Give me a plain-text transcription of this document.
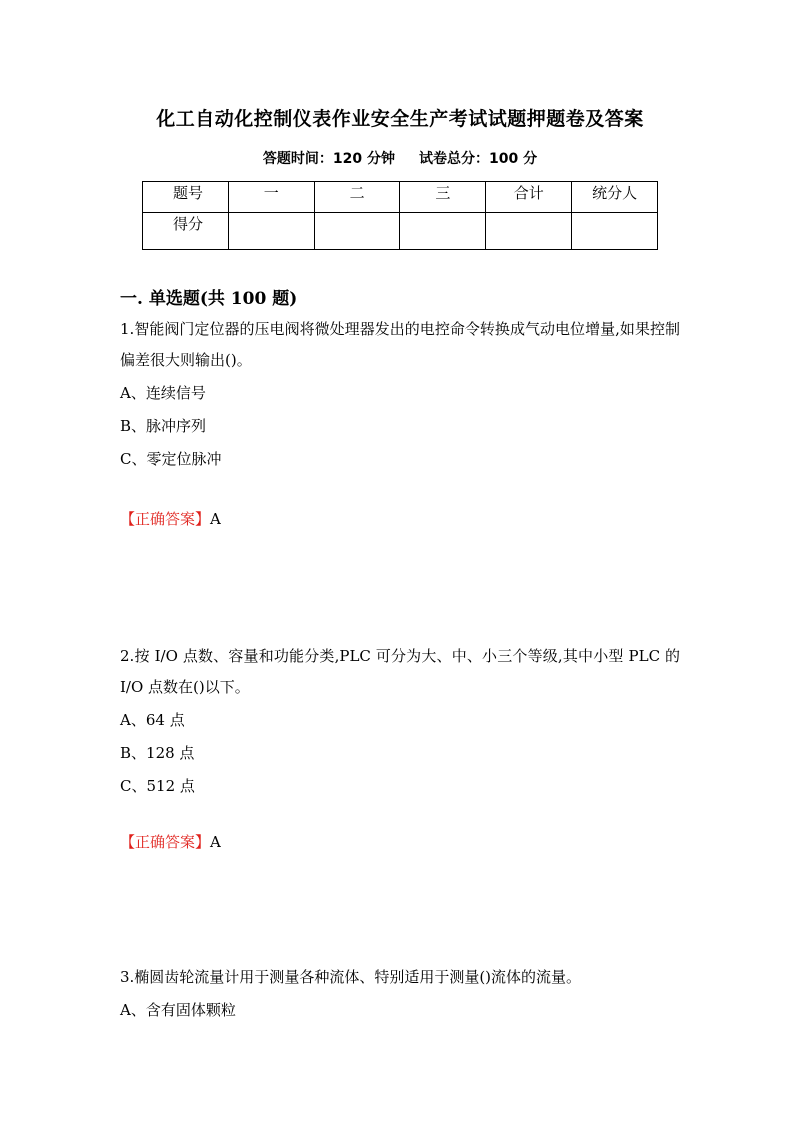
化工自动化控制仪表作业安全生产考试试题押题卷及答案
答题时间：120 分钟 试卷总分：100 分
题号	一	二	三	合计	统分人
得分					
一. 单选题(共 100 题)

1.智能阀门定位器的压电阀将微处理器发出的电控命令转换成气动电位增量,如果控制偏差很大则输出()。

A、连续信号

B、脉冲序列

C、零定位脉冲

【正确答案】A

2.按 I/O 点数、容量和功能分类,PLC 可分为大、中、小三个等级,其中小型 PLC 的 I/O 点数在()以下。

A、64 点

B、128 点

C、512 点

【正确答案】A

3.椭圆齿轮流量计用于测量各种流体、特别适用于测量()流体的流量。

A、含有固体颗粒
